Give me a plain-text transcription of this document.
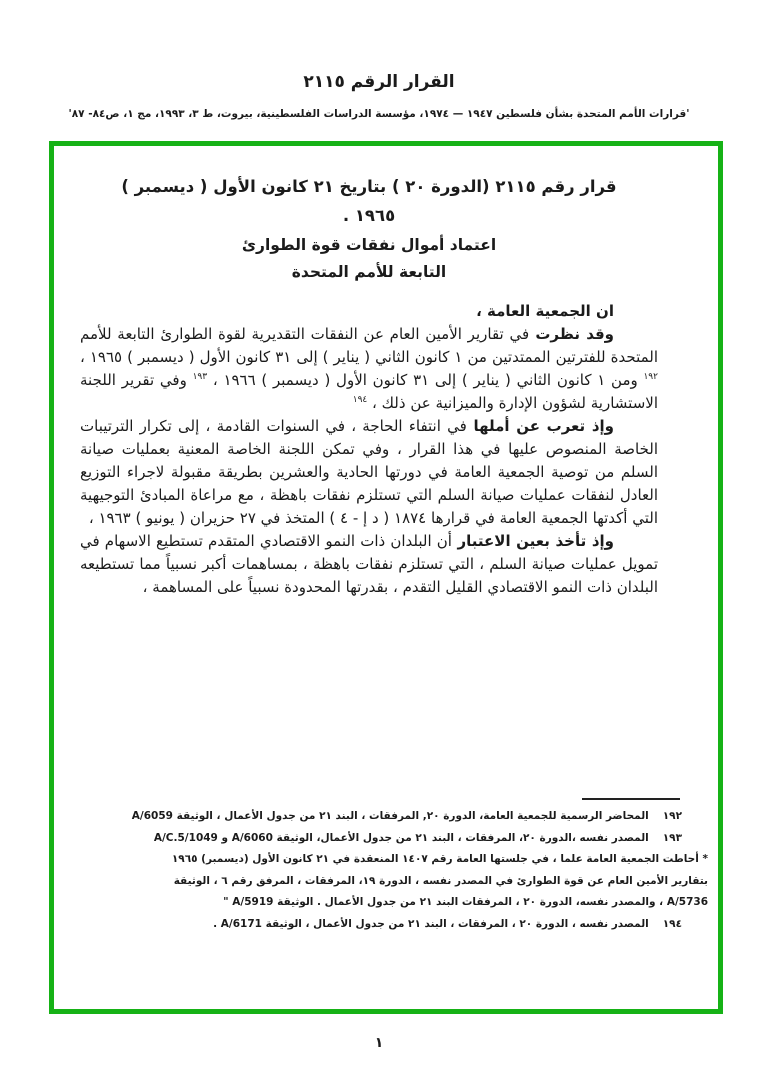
القرار الرقم ٢١١٥
'قرارات الأمم المتحدة بشأن فلسطين ١٩٤٧ — ١٩٧٤، مؤسسة الدراسات الفلسطينية، بيروت، ط ٣، ١٩٩٣، مج ١، ص٨٤- ٨٧'
قرار رقم ٢١١٥ (الدورة ٢٠ ) بتاريخ ٢١ كانون الأول ( ديسمبر )
١٩٦٥ .
اعتماد أموال نفقات قوة الطوارئ
التابعة للأمم المتحدة

ان الجمعية العامة ،

وقد نظرت في تقارير الأمين العام عن النفقات التقديرية لقوة الطوارئ التابعة للأمم المتحدة للفترتين الممتدتين من ١ كانون الثاني ( يناير ) إلى ٣١ كانون الأول ( ديسمبر ) ١٩٦٥ ، $^{١٩٢}$ ومن ١ كانون الثاني ( يناير ) إلى ٣١ كانون الأول ( ديسمبر ) ١٩٦٦ ، $^{١٩٣}$ وفي تقرير اللجنة الاستشارية لشؤون الإدارة والميزانية عن ذلك ، $^{١٩٤}$

وإذ تعرب عن أملها في انتفاء الحاجة ، في السنوات القادمة ، إلى تكرار الترتيبات الخاصة المنصوص عليها في هذا القرار ، وفي تمكن اللجنة الخاصة المعنية بعمليات صيانة السلم من توصية الجمعية العامة في دورتها الحادية والعشرين بطريقة مقبولة لاجراء التوزيع العادل لنفقات عمليات صيانة السلم التي تستلزم نفقات باهظة ، مع مراعاة المبادئ التوجيهية التي أكدتها الجمعية العامة في قرارها ١٨٧٤ ( د إ - ٤ ) المتخذ في ٢٧ حزيران ( يونيو ) ١٩٦٣ ،

وإذ تأخذ بعين الاعتبار أن البلدان ذات النمو الاقتصادي المتقدم تستطيع الاسهام في تمويل عمليات صيانة السلم ، التي تستلزم نفقات باهظة ، بمساهمات أكبر نسبياً مما تستطيعه البلدان ذات النمو الاقتصادي القليل التقدم ، بقدرتها المحدودة نسبياً على المساهمة ،

١٩٢المحاضر الرسمية للجمعية العامة، الدورة ٢٠, المرفقات ، البند ٢١ من جدول الأعمال ، الوثيقة A/6059
١٩٣المصدر نفسه ،الدورة ٢٠، المرفقات ، البند ٢١ من جدول الأعمال، الوثيقة A/6060 و A/C.5/1049
* أحاطت الجمعية العامة علما ، في جلستها العامة رقم ١٤٠٧ المنعقدة في ٢١ كانون الأول (ديسمبر) ١٩٦٥
بتقارير الأمين العام عن قوة الطوارئ في المصدر نفسه ، الدورة ١٩، المرفقات ، المرفق رقم ٦ ، الوثيقة
A/5736 ، والمصدر نفسه، الدورة ٢٠ ، المرفقات البند ٢١ من جدول الأعمال . الوثيقة A/5919 "
١٩٤المصدر نفسه ، الدورة ٢٠ ، المرفقات ، البند ٢١ من جدول الأعمال ، الوثيقة A/6171 .
١
